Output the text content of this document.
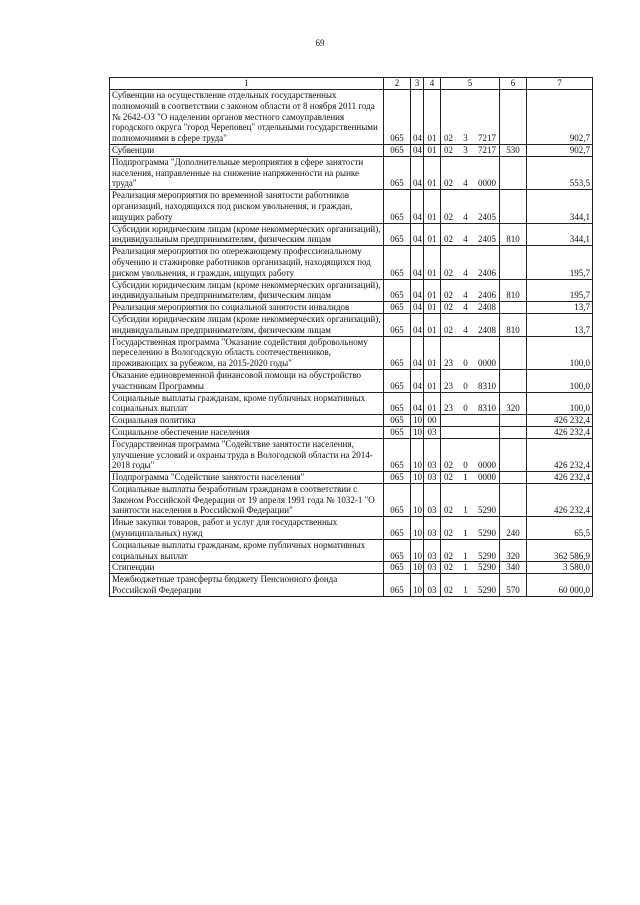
69
1	2	3	4	5	6	7
Субвенции на осуществление отдельных государственных полномочий в соответствии с законом области от 8 ноября 2011 года № 2642-ОЗ "О наделении органов местного самоуправления городского округа "город Череповец" отдельными государственными полномочиями в сфере труда"	065	04	01	02 3 7217		902,7
Субвенции	065	04	01	02 3 7217	530	902,7
Подпрограмма "Дополнительные мероприятия в сфере занятости населения, направленные на снижение напряженности на рынке труда"	065	04	01	02 4 0000		553,5
Реализация мероприятия по временной занятости работников организаций, находящихся под риском увольнения, и граждан, ищущих работу	065	04	01	02 4 2405		344,1
Субсидии юридическим лицам (кроме некоммерческих организаций), индивидуальным предпринимателям, физическим лицам	065	04	01	02 4 2405	810	344,1
Реализация мероприятия по опережающему профессиональному обучению и стажировке работников организаций, находящихся под риском увольнения, и граждан, ищущих работу	065	04	01	02 4 2406		195,7
Субсидии юридическим лицам (кроме некоммерческих организаций), индивидуальным предпринимателям, физическим лицам	065	04	01	02 4 2406	810	195,7
Реализация мероприятия по социальной занятости инвалидов	065	04	01	02 4 2408		13,7
Субсидии юридическим лицам (кроме некоммерческих организаций), индивидуальным предпринимателям, физическим лицам	065	04	01	02 4 2408	810	13,7
Государственная программа "Оказание содействия добровольному переселению в Вологодскую область соотечественников, проживающих за рубежом, на 2015-2020 годы"	065	04	01	23 0 0000		100,0
Оказание единовременной финансовой помощи на обустройство участникам Программы	065	04	01	23 0 8310		100,0
Социальные выплаты гражданам, кроме публичных нормативных социальных выплат	065	04	01	23 0 8310	320	100,0
Социальная политика	065	10	00			426 232,4
Социальное обеспечение населения	065	10	03			426 232,4
Государственная программа "Содействие занятости населения, улучшение условий и охраны труда в Вологодской области на 2014-2018 годы"	065	10	03	02 0 0000		426 232,4
Подпрограмма "Содействие занятости населения"	065	10	03	02 1 0000		426 232,4
Социальные выплаты безработным гражданам в соответствии с Законом Российской Федерации от 19 апреля 1991 года № 1032-1 "О занятости населения в Российской Федерации"	065	10	03	02 1 5290		426 232,4
Иные закупки товаров, работ и услуг для государственных (муниципальных) нужд	065	10	03	02 1 5290	240	65,5
Социальные выплаты гражданам, кроме публичных нормативных социальных выплат	065	10	03	02 1 5290	320	362 586,9
Стипендии	065	10	03	02 1 5290	340	3 580,0
Межбюджетные трансферты бюджету Пенсионного фонда Российской Федерации	065	10	03	02 1 5290	570	60 000,0
